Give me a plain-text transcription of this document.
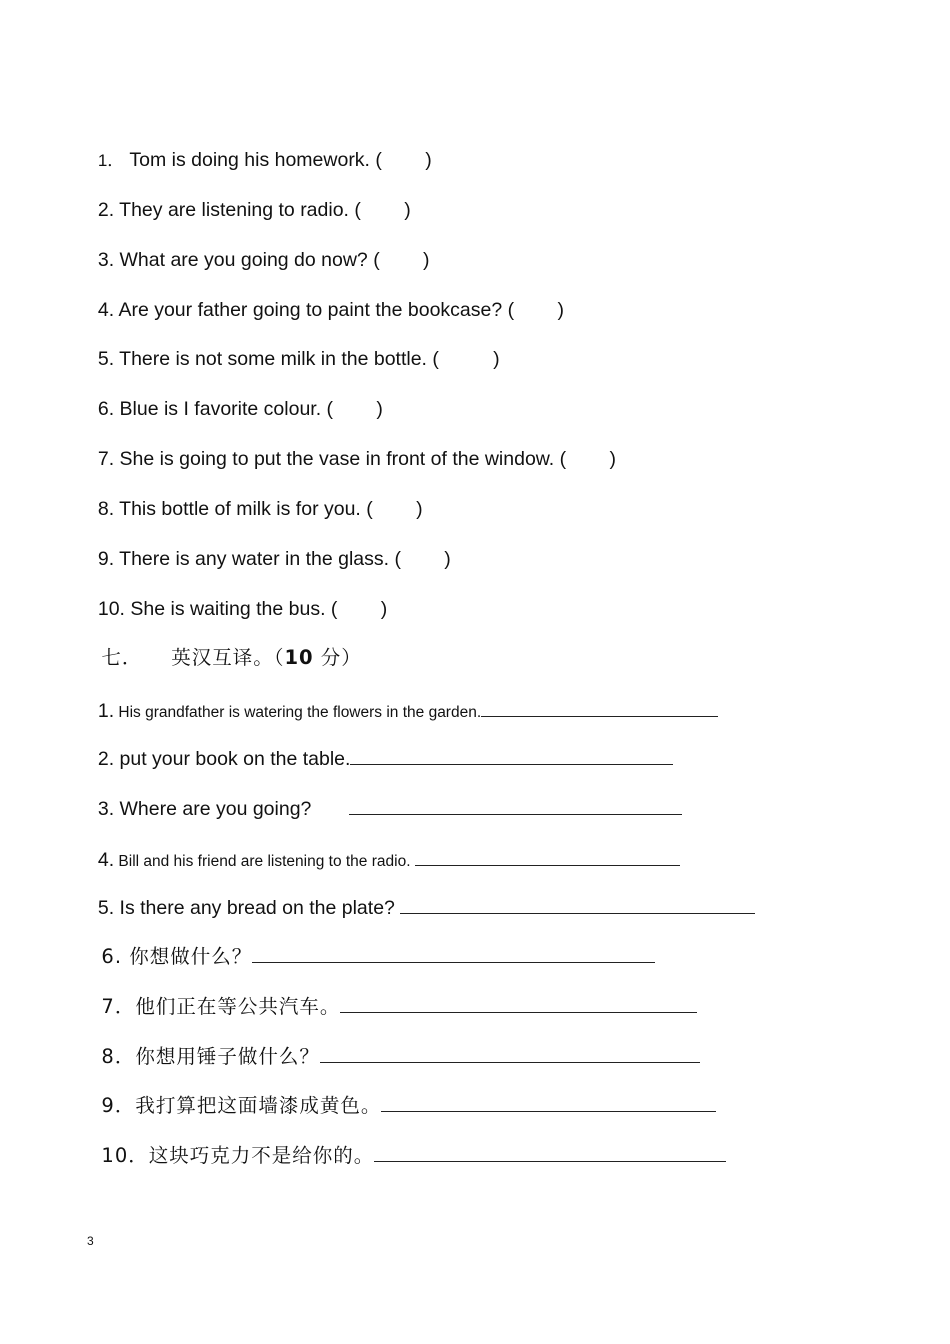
1． Tom is doing his homework. (        )

2. They are listening to radio. (        )

3. What are you going do now? (        )

4. Are your father going to paint the bookcase? (        )

5. There is not some milk in the bottle. (          )

6. Blue is I favorite colour. (        )

7. She is going to put the vase in front of the window. (        )

8. This bottle of milk is for you. (        )

9. There is any water in the glass. (        )

10. She is waiting the bus. (        )

七．    英汉互译。（10 分）

1. His grandfather is watering the flowers in the garden.

2. put your book on the table.

3. Where are you going?

4. Bill and his friend are listening to the radio.

5. Is there any bread on the plate?

6. 你想做什么？

7．他们正在等公共汽车。

8．你想用锤子做什么？

9．我打算把这面墙漆成黄色。

10．这块巧克力不是给你的。

3
